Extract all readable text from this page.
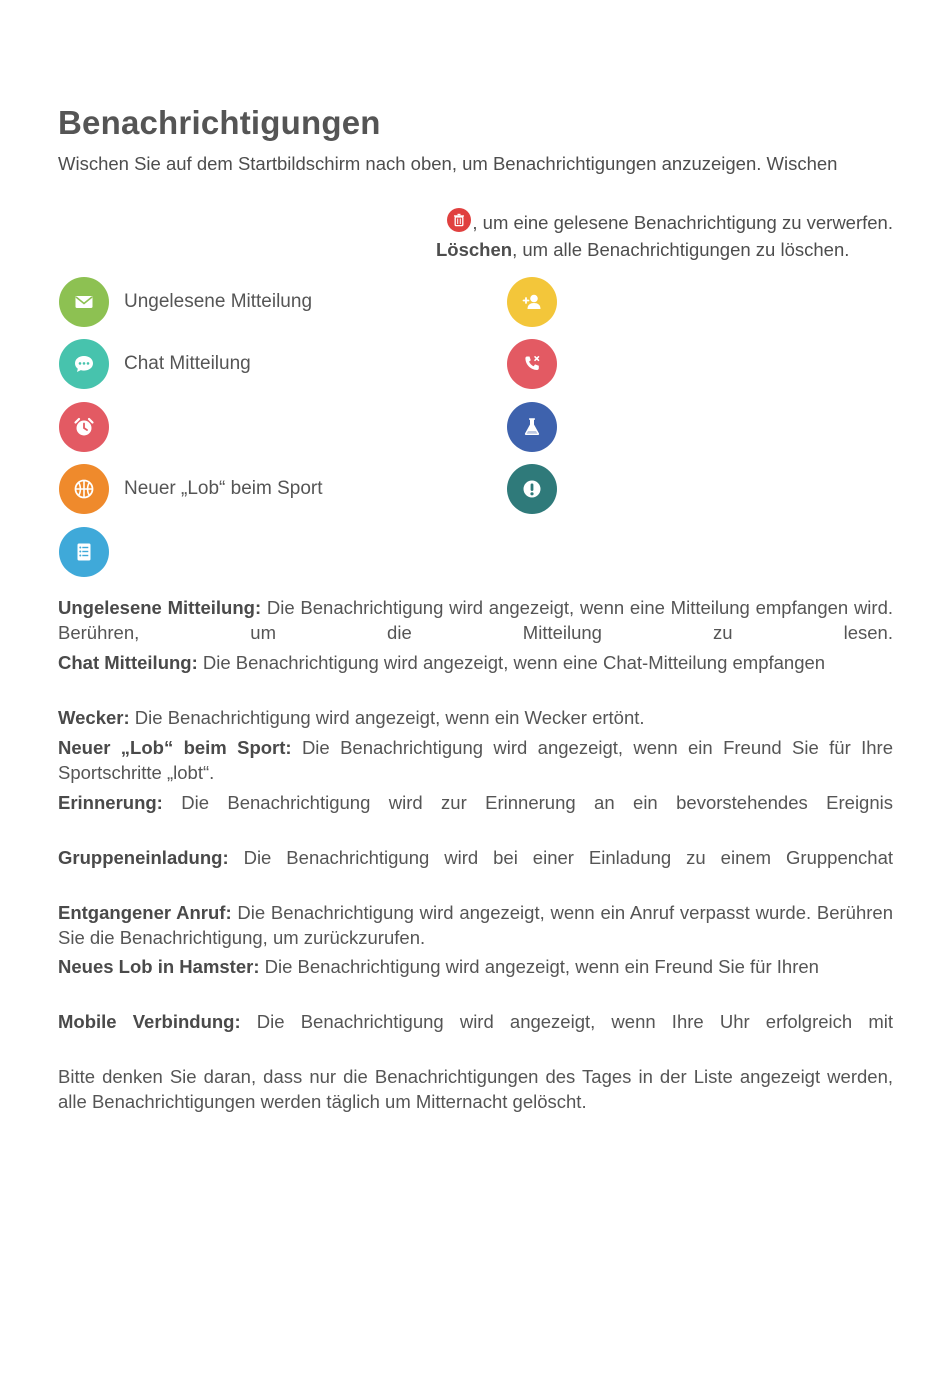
Benachrichtigungen
Wischen Sie auf dem Startbildschirm nach oben, um Benachrichtigungen anzuzeigen. Wischen
, um eine gelesene Benachrichtigung zu verwerfen.
Löschen, um alle Benachrichtigungen zu löschen.
Ungelesene Mitteilung
Chat Mitteilung
Neuer „Lob“ beim Sport
Ungelesene Mitteilung: Die Benachrichtigung wird angezeigt, wenn eine Mitteilung empfangen wird. Berühren, um die Mitteilung zu lesen.
Chat Mitteilung: Die Benachrichtigung wird angezeigt, wenn eine Chat-Mitteilung empfangen
Wecker: Die Benachrichtigung wird angezeigt, wenn ein Wecker ertönt.
Neuer „Lob“ beim Sport: Die Benachrichtigung wird angezeigt, wenn ein Freund Sie für Ihre Sportschritte „lobt“.
Erinnerung: Die Benachrichtigung wird zur Erinnerung an ein bevorstehendes Ereignis
Gruppeneinladung: Die Benachrichtigung wird bei einer Einladung zu einem Gruppenchat
Entgangener Anruf: Die Benachrichtigung wird angezeigt, wenn ein Anruf verpasst wurde. Berühren Sie die Benachrichtigung, um zurückzurufen.
Neues Lob in Hamster: Die Benachrichtigung wird angezeigt, wenn ein Freund Sie für Ihren
Mobile Verbindung: Die Benachrichtigung wird angezeigt, wenn Ihre Uhr erfolgreich mit
Bitte denken Sie daran, dass nur die Benachrichtigungen des Tages in der Liste angezeigt werden, alle Benachrichtigungen werden täglich um Mitternacht gelöscht.
